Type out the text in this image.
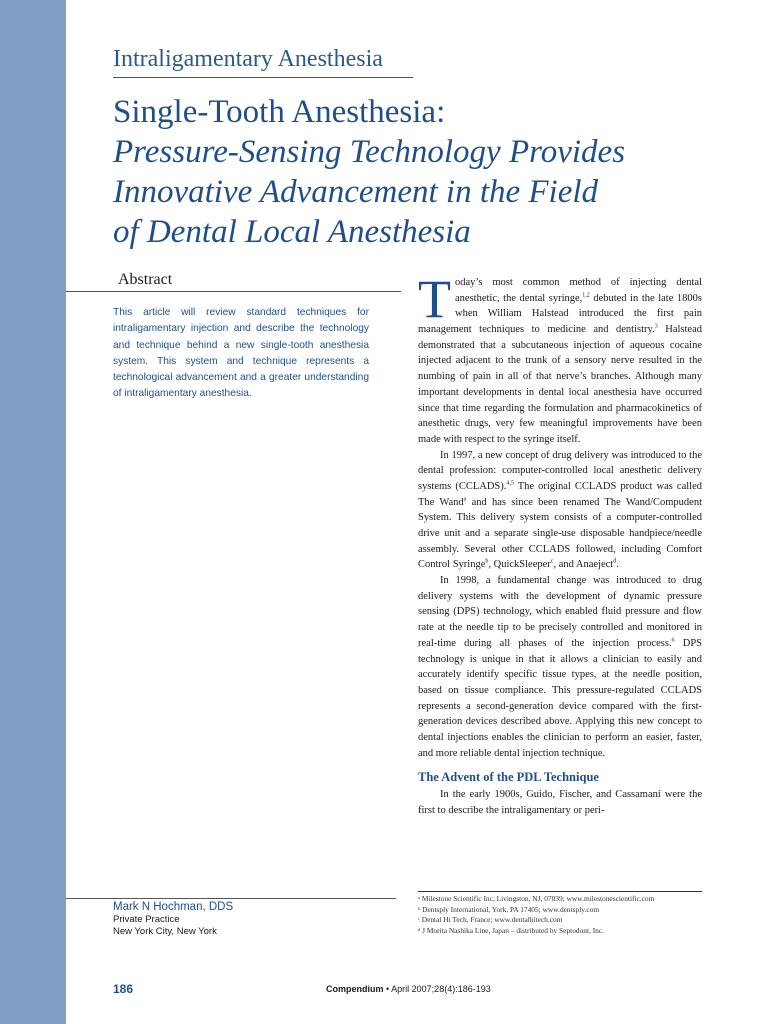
Intraligamentary Anesthesia
Single-Tooth Anesthesia:
Pressure-Sensing Technology Provides
Innovative Advancement in the Field
of Dental Local Anesthesia
Abstract

This article will review standard techniques for intraligamentary injection and describe the technology and technique behind a new single-tooth anesthesia system. This system and technique represents a technological advancement and a greater understanding of intraligamentary anesthesia.

Today’s most common method of injecting dental anesthetic, the dental syringe,$^{1,2}$ debuted in the late 1800s when William Halstead introduced the first pain management techniques to medicine and dentistry.$^3$ Halstead demonstrated that a subcutaneous injection of aqueous cocaine injected adjacent to the trunk of a sensory nerve resulted in the numbing of pain in all of that nerve’s branches. Although many important developments in dental local anesthesia have occurred since that time regarding the formulation and pharmacokinetics of anesthetic drugs, very few meaningful improvements have been made with respect to the syringe itself.

In 1997, a new concept of drug delivery was introduced to the dental profession: computer-controlled local anesthetic delivery systems (CCLADS).$^{4,5}$ The original CCLADS product was called The Wand$^a$ and has since been renamed The Wand/Compudent System. This delivery system consists of a computer-controlled drive unit and a separate single-use disposable handpiece/needle assembly. Several other CCLADS followed, including Comfort Control Syringe$^b$, QuickSleeper$^c$, and Anaeject$^d$.

In 1998, a fundamental change was introduced to drug delivery systems with the development of dynamic pressure sensing (DPS) technology, which enabled fluid pressure and flow rate at the needle tip to be precisely controlled and monitored in real-time during all phases of the injection process.$^6$ DPS technology is unique in that it allows a clinician to easily and accurately identify specific tissue types, at the needle position, based on tissue compliance. This pressure-regulated CCLADS represents a second-generation device compared with the first-generation devices described above. Applying this new concept to dental injections enables the clinician to perform an easier, faster, and more reliable dental injection technique.

The Advent of the PDL Technique

In the early 1900s, Guido, Fischer, and Cassamani were the first to describe the intraligamentary or peri-

ᵃ Milestone Scientific Inc, Livingston, NJ, 07039; www.milestonescientific.com
ᵇ Dentsply International, York, PA 17405; www.dentsply.com
ᶜ Dental Hi Tech, France; www.dentalhitech.com
ᵈ J Morita Nashika Line, Japan – distributed by Septodont, Inc.
Mark N Hochman, DDS
Private Practice
New York City, New York
186	Compendium • April 2007;28(4):186-193
